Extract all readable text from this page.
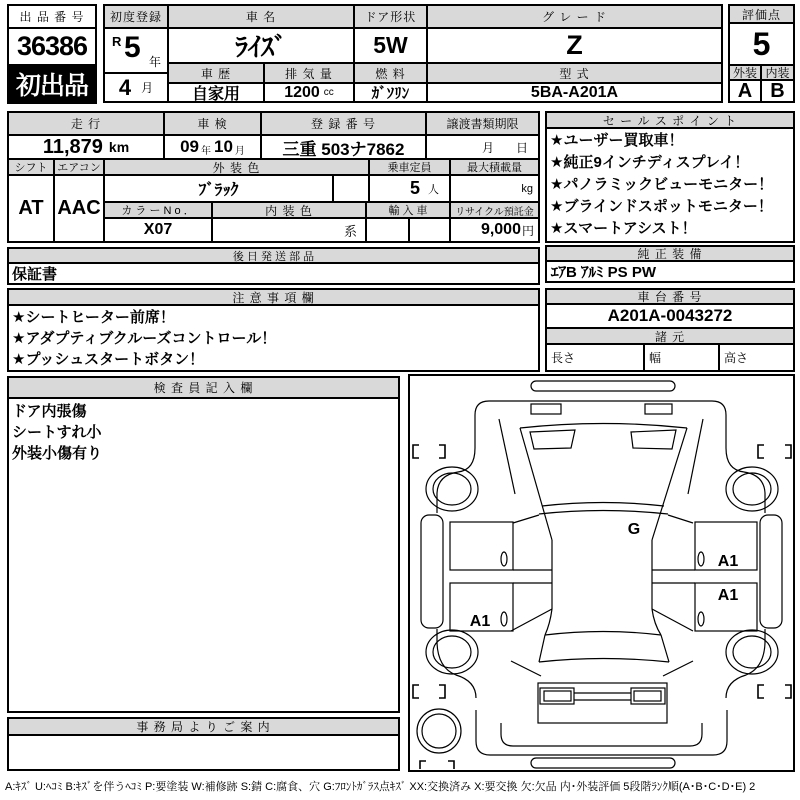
出 品 番 号
36386
初出品
初度登録
R 5 年
4 月
車 名
ﾗｲｽﾞ
車 歴	排 気 量
自家用	1200 cc
ドア形状
5W
燃 料
ｶﾞｿﾘﾝ
グ レ ー ド
Z
型 式
5BA-A201A
評価点
5
外装 内装
A B
走 行	車 検	登 録 番 号	譲渡書類期限
11,879 km	09 年 10 月	三重 503ナ7862	月 日
シフト エアコン	外 装 色	乗車定員	最大積載量
AT AAC
ﾌﾞﾗｯｸ	5 人	kg
カ ラ ー N o ．	内 装 色	輸 入 車	リサイクル預託金
X07	系	9,000 円
セ ー ル ス ポ イ ン ト
★ユーザー買取車！
★純正9インチディスプレイ！
★パノラミックビューモニター！
★ブラインドスポットモニター！
★スマートアシスト！
純 正 装 備
ｴｱB ｱﾙﾐ PS PW
後 日 発 送 部 品
保証書
注 意 事 項 欄
★シートヒーター前席！
★アダプティブクルーズコントロール！
★プッシュスタートボタン！
車 台 番 号
A201A-0043272
諸 元
長さ	幅	高さ
検 査 員 記 入 欄
ドア内張傷
シートすれ小
外装小傷有り
事 務 局 よ り ご 案 内
G
A1
A1
A1
A:ｷｽﾞ U:ﾍｺﾐ B:ｷｽﾞを伴うﾍｺﾐ P:要塗装 W:補修跡 S:錆 C:腐食、穴 G:ﾌﾛﾝﾄｶﾞﾗｽ点ｷｽﾞ XX:交換済み X:要交換 欠:欠品 内･外装評価 5段階ﾗﾝｸ順(A･B･C･D･E) 2
